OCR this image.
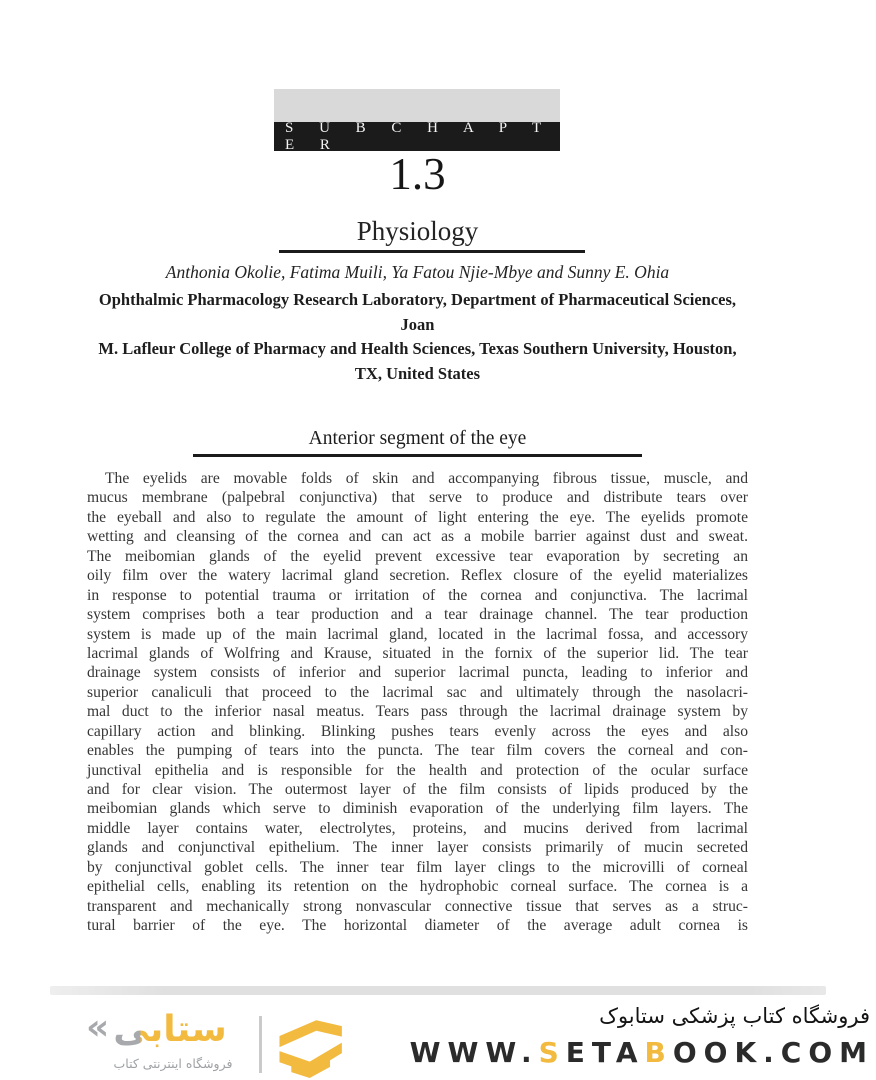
S U B C H A P T E R
1.3
Physiology
Anthonia Okolie, Fatima Muili, Ya Fatou Njie-Mbye and Sunny E. Ohia
Ophthalmic Pharmacology Research Laboratory, Department of Pharmaceutical Sciences, Joan
M. Lafleur College of Pharmacy and Health Sciences, Texas Southern University, Houston,
TX, United States
Anterior segment of the eye
The eyelids are movable folds of skin and accompanying fibrous tissue, muscle, and
mucus membrane (palpebral conjunctiva) that serve to produce and distribute tears over
the eyeball and also to regulate the amount of light entering the eye. The eyelids promote
wetting and cleansing of the cornea and can act as a mobile barrier against dust and sweat.
The meibomian glands of the eyelid prevent excessive tear evaporation by secreting an
oily film over the watery lacrimal gland secretion. Reflex closure of the eyelid materializes
in response to potential trauma or irritation of the cornea and conjunctiva. The lacrimal
system comprises both a tear production and a tear drainage channel. The tear production
system is made up of the main lacrimal gland, located in the lacrimal fossa, and accessory
lacrimal glands of Wolfring and Krause, situated in the fornix of the superior lid. The tear
drainage system consists of inferior and superior lacrimal puncta, leading to inferior and
superior canaliculi that proceed to the lacrimal sac and ultimately through the nasolacri-
mal duct to the inferior nasal meatus. Tears pass through the lacrimal drainage system by
capillary action and blinking. Blinking pushes tears evenly across the eyes and also
enables the pumping of tears into the puncta. The tear film covers the corneal and con-
junctival epithelia and is responsible for the health and protection of the ocular surface
and for clear vision. The outermost layer of the film consists of lipids produced by the
meibomian glands which serve to diminish evaporation of the underlying film layers. The
middle layer contains water, electrolytes, proteins, and mucins derived from lacrimal
glands and conjunctival epithelium. The inner layer consists primarily of mucin secreted
by conjunctival goblet cells. The inner tear film layer clings to the microvilli of corneal
epithelial cells, enabling its retention on the hydrophobic corneal surface. The cornea is a
transparent and mechanically strong nonvascular connective tissue that serves as a struc-
tural barrier of the eye. The horizontal diameter of the average adult cornea is
« ستابی
فروشگاه اینترنتی کتاب
فروشگاه کتاب پزشکی ستابوک
WWW.SETABOOK.COM
